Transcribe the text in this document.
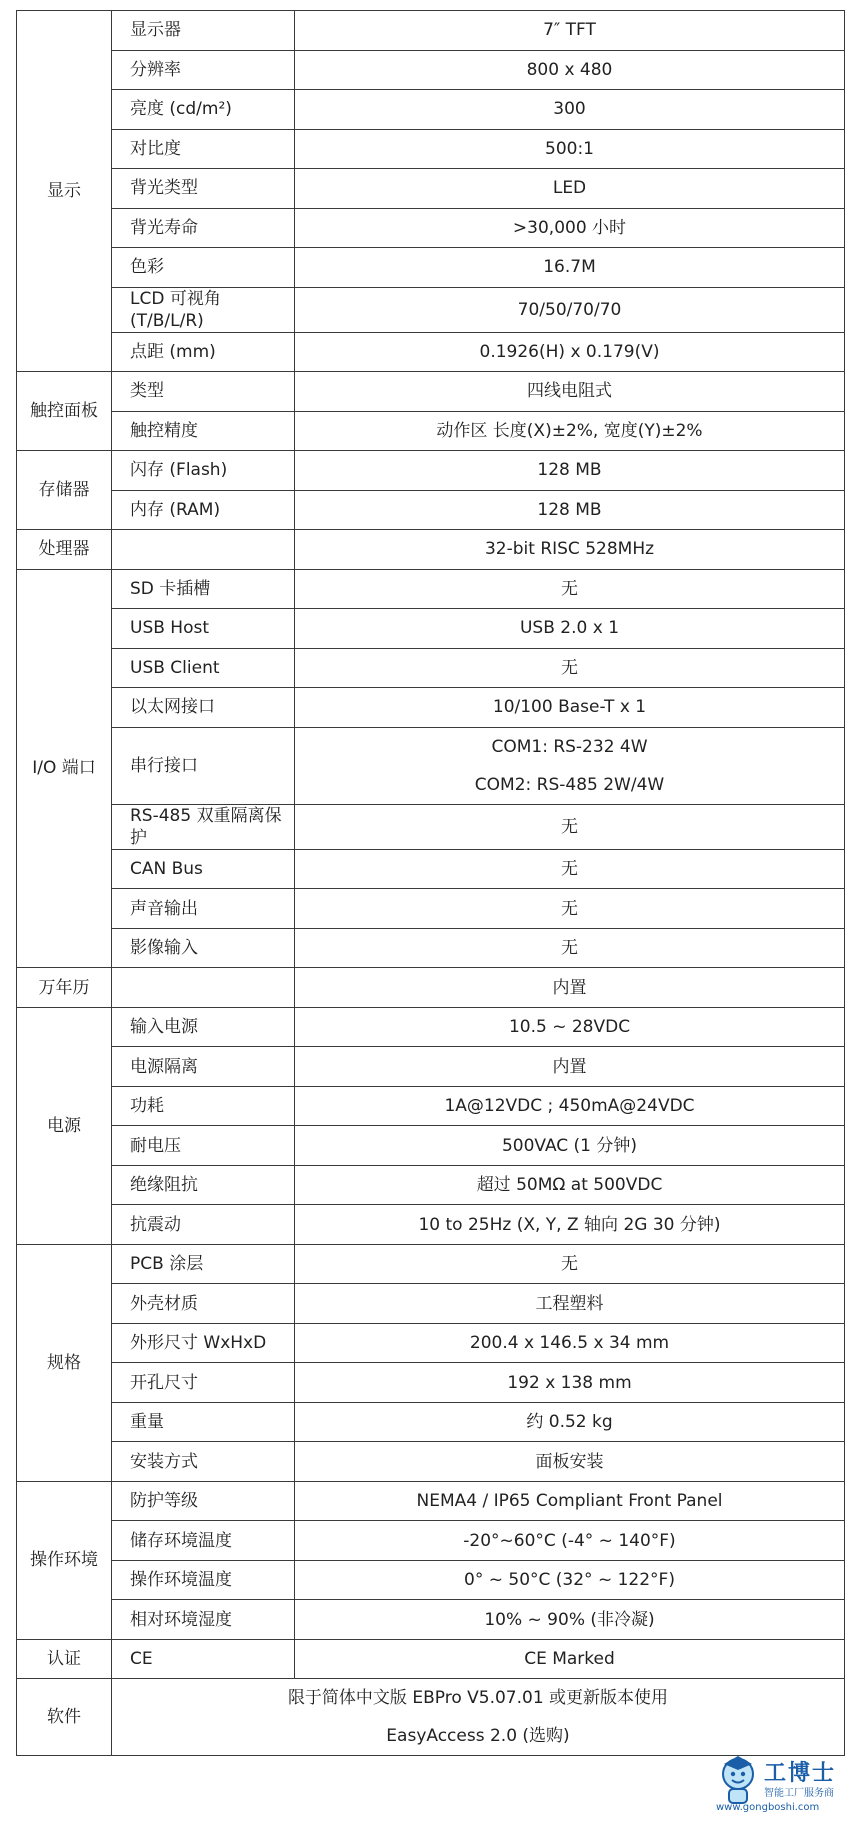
显示	显示器	7″ TFT

	分辨率	800 x 480

	亮度 (cd/m²)	300

	对比度	500:1

	背光类型	LED

	背光寿命	>30,000 小时

	色彩	16.7M

	LCD 可视角 (T/B/L/R)	70/50/70/70

	点距 (mm)	0.1926(H) x 0.179(V)

触控面板	类型	四线电阻式

	触控精度	动作区 长度(X)±2%, 宽度(Y)±2%

存储器	闪存 (Flash)	128 MB

	内存 (RAM)	128 MB

处理器		32-bit RISC 528MHz

I/O 端口	SD 卡插槽	无

	USB Host	USB 2.0 x 1

	USB Client	无

	以太网接口	10/100 Base-T x 1

	串行接口	COM1: RS-232 4W
COM2: RS-485 2W/4W

	RS-485 双重隔离保护	无

	CAN Bus	无

	声音输出	无

	影像输入	无

万年历		内置

电源	输入电源	10.5 ~ 28VDC

	电源隔离	内置

	功耗	1A@12VDC ; 450mA@24VDC

	耐电压	500VAC (1 分钟)

	绝缘阻抗	超过 50MΩ at 500VDC

	抗震动	10 to 25Hz (X, Y, Z 轴向 2G 30 分钟)

规格	PCB 涂层	无

	外壳材质	工程塑料

	外形尺寸 WxHxD	200.4 x 146.5 x 34 mm

	开孔尺寸	192 x 138 mm

	重量	约 0.52 kg

	安装方式	面板安装

操作环境	防护等级	NEMA4 / IP65 Compliant Front Panel

	储存环境温度	-20°~60°C (-4° ~ 140°F)

	操作环境温度	0° ~ 50°C (32° ~ 122°F)

	相对环境湿度	10% ~ 90% (非冷凝)

认证	CE	CE Marked

软件	限于简体中文版 EBPro V5.07.01 或更新版本使用
EasyAccess 2.0 (选购)	
工博士
智能工厂服务商
www.gongboshi.com
